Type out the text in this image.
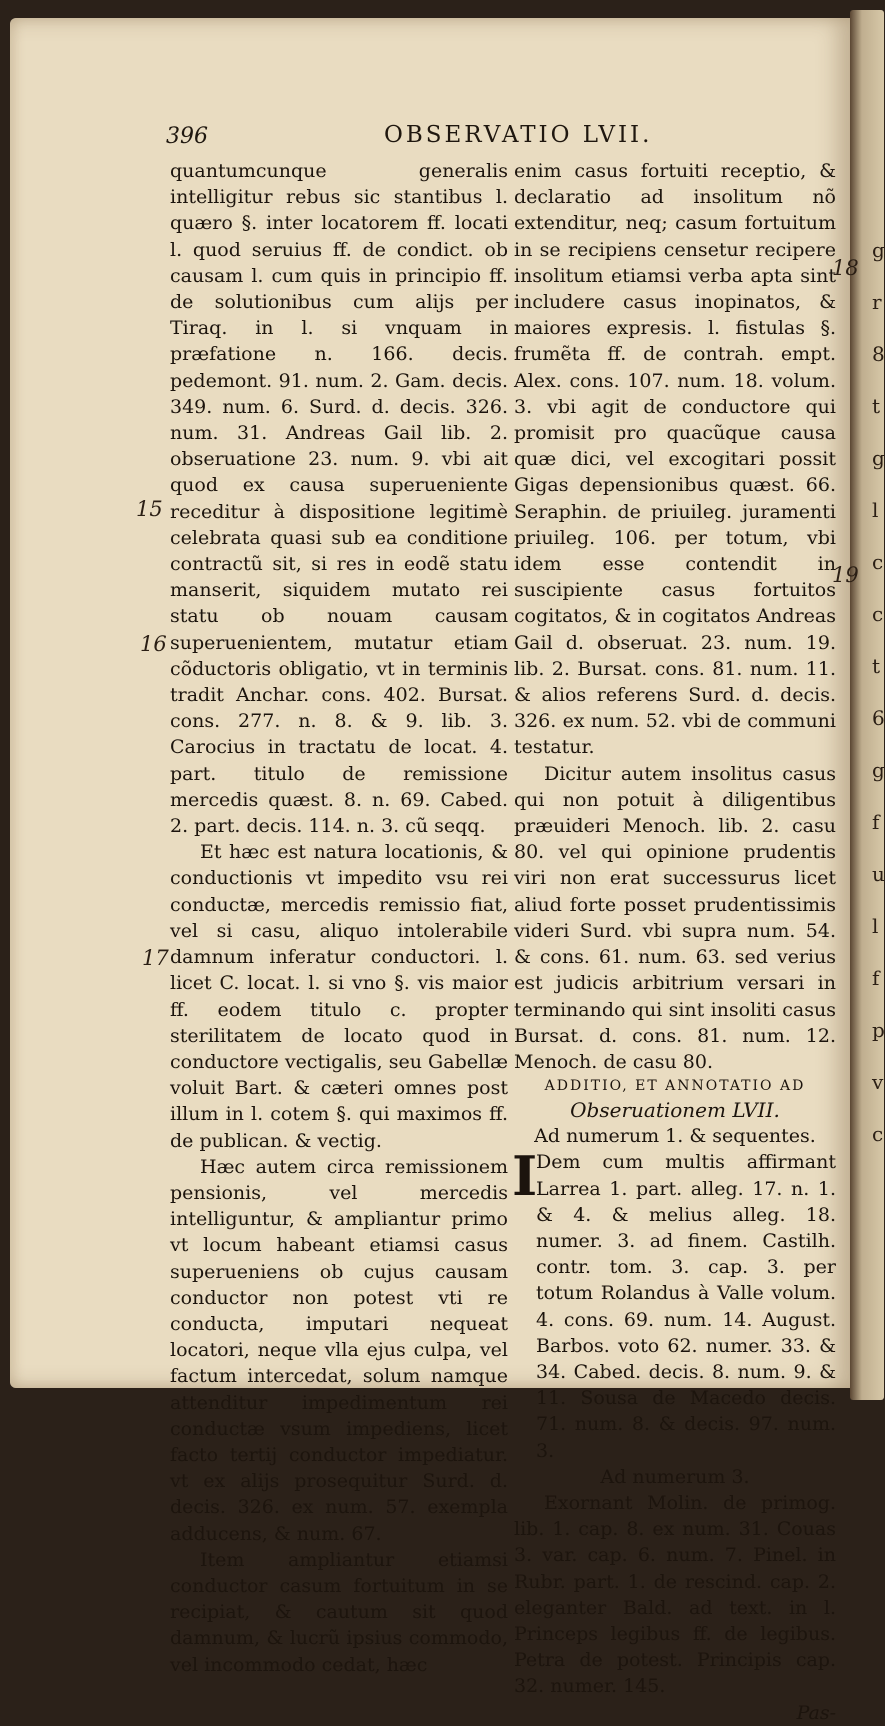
g
r
8
t
g
l
c
c
t
6
g
f
u
l
f
p
v
c
396	OBSERVATIO LVII.
15
16
17
18
19

quantumcunque generalis intelligitur rebus sic stantibus l. quæro §. inter locatorem ff. locati l. quod seruius ff. de condict. ob causam l. cum quis in principio ff. de solutionibus cum alijs per Tiraq. in l. si vnquam in præfatione n. 166. decis. pedemont. 91. num. 2. Gam. decis. 349. num. 6. Surd. d. decis. 326. num. 31. Andreas Gail lib. 2. obseruatione 23. num. 9. vbi ait quod ex causa superueniente receditur à dispositione legitimè celebrata quasi sub ea conditione contractũ sit, si res in eodẽ statu manserit, siquidem mutato rei statu ob nouam causam superuenientem, mutatur etiam cõductoris obligatio, vt in terminis tradit Anchar. cons. 402. Bursat. cons. 277. n. 8. & 9. lib. 3. Carocius in tractatu de locat. 4. part. titulo de remissione mercedis quæst. 8. n. 69. Cabed. 2. part. decis. 114. n. 3. cũ seqq.

Et hæc est natura locationis, & conductionis vt impedito vsu rei conductæ, mercedis remissio fiat, vel si casu, aliquo intolerabile damnum inferatur conductori. l. licet C. locat. l. si vno §. vis maior ff. eodem titulo c. propter sterilitatem de locato quod in conductore vectigalis, seu Gabellæ voluit Bart. & cæteri omnes post illum in l. cotem §. qui maximos ff. de publican. & vectig.

Hæc autem circa remissionem pensionis, vel mercedis intelliguntur, & ampliantur primo vt locum habeant etiamsi casus superueniens ob cujus causam conductor non potest vti re conducta, imputari nequeat locatori, neque vlla ejus culpa, vel factum intercedat, solum namque attenditur impedimentum rei conductæ vsum impediens, licet facto tertij conductor impediatur. vt ex alijs prosequitur Surd. d. decis. 326. ex num. 57. exempla adducens, & num. 67.

Item ampliantur etiamsi conductor casum fortuitum in se recipiat, & cautum sit quod damnum, & lucrũ ipsius commodo, vel incommodo cedat, hæc

enim casus fortuiti receptio, & declaratio ad insolitum nõ extenditur, neq; casum fortuitum in se recipiens censetur recipere insolitum etiamsi verba apta sint includere casus inopinatos, & maiores expresis. l. fistulas §. frumẽta ff. de contrah. empt. Alex. cons. 107. num. 18. volum. 3. vbi agit de conductore qui promisit pro quacũque causa quæ dici, vel excogitari possit Gigas depensionibus quæst. 66. Seraphin. de priuileg. juramenti priuileg. 106. per totum, vbi idem esse contendit in suscipiente casus fortuitos cogitatos, & in cogitatos Andreas Gail d. obseruat. 23. num. 19. lib. 2. Bursat. cons. 81. num. 11. & alios referens Surd. d. decis. 326. ex num. 52. vbi de communi testatur.

Dicitur autem insolitus casus qui non potuit à diligentibus præuideri Menoch. lib. 2. casu 80. vel qui opinione prudentis viri non erat successurus licet aliud forte posset prudentissimis videri Surd. vbi supra num. 54. & cons. 61. num. 63. sed verius est judicis arbitrium versari in terminando qui sint insoliti casus Bursat. d. cons. 81. num. 12. Menoch. de casu 80.

ADDITIO, ET ANNOTATIO AD

Obseruationem LVII.

Ad numerum 1. & sequentes.

I

Dem cum multis affirmant Larrea 1. part. alleg. 17. n. 1. & 4. & melius alleg. 18. numer. 3. ad finem. Castilh. contr. tom. 3. cap. 3. per totum Rolandus à Valle volum. 4. cons. 69. num. 14. August. Barbos. voto 62. numer. 33. & 34. Cabed. decis. 8. num. 9. & 11. Sousa de Macedo decis. 71. num. 8. & decis. 97. num. 3.

Ad numerum 3.

Exornant Molin. de primog. lib. 1. cap. 8. ex num. 31. Couas 3. var. cap. 6. num. 7. Pinel. in Rubr. part. 1. de rescind. cap. 2. eleganter Bald. ad text. in l. Princeps legibus ff. de legibus. Petra de potest. Principis cap. 32. numer. 145.

Pas-
